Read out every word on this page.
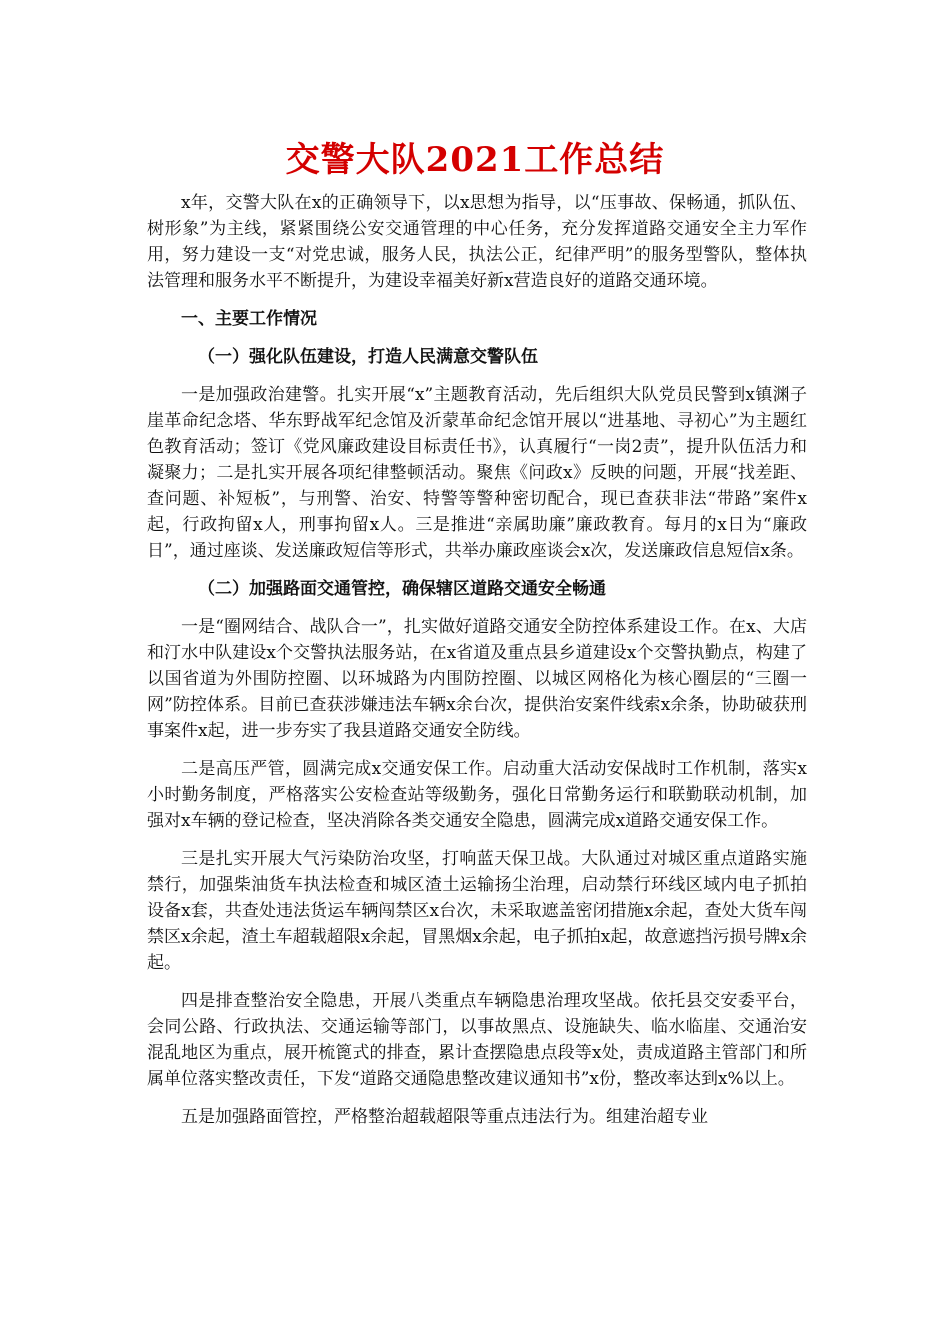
交警大队2021工作总结

x年，交警大队在x的正确领导下，以x思想为指导，以“压事故、保畅通，抓队伍、树形象”为主线，紧紧围绕公安交通管理的中心任务，充分发挥道路交通安全主力军作用，努力建设一支“对党忠诚，服务人民，执法公正，纪律严明”的服务型警队，整体执法管理和服务水平不断提升，为建设幸福美好新x营造良好的道路交通环境。

一、主要工作情况

（一）强化队伍建设，打造人民满意交警队伍

一是加强政治建警。扎实开展“x”主题教育活动，先后组织大队党员民警到x镇渊子崖革命纪念塔、华东野战军纪念馆及沂蒙革命纪念馆开展以“进基地、寻初心”为主题红色教育活动；签订《党风廉政建设目标责任书》，认真履行“一岗2责”，提升队伍活力和凝聚力；二是扎实开展各项纪律整顿活动。聚焦《问政x》反映的问题，开展“找差距、查问题、补短板”，与刑警、治安、特警等警种密切配合，现已查获非法“带路”案件x起，行政拘留x人，刑事拘留x人。三是推进“亲属助廉”廉政教育。每月的x日为“廉政日”，通过座谈、发送廉政短信等形式，共举办廉政座谈会x次，发送廉政信息短信x条。

（二）加强路面交通管控，确保辖区道路交通安全畅通

一是“圈网结合、战队合一”，扎实做好道路交通安全防控体系建设工作。在x、大店和汀水中队建设x个交警执法服务站，在x省道及重点县乡道建设x个交警执勤点，构建了以国省道为外围防控圈、以环城路为内围防控圈、以城区网格化为核心圈层的“三圈一网”防控体系。目前已查获涉嫌违法车辆x余台次，提供治安案件线索x余条，协助破获刑事案件x起，进一步夯实了我县道路交通安全防线。

二是高压严管，圆满完成x交通安保工作。启动重大活动安保战时工作机制，落实x小时勤务制度，严格落实公安检查站等级勤务，强化日常勤务运行和联勤联动机制，加强对x车辆的登记检查，坚决消除各类交通安全隐患，圆满完成x道路交通安保工作。

三是扎实开展大气污染防治攻坚，打响蓝天保卫战。大队通过对城区重点道路实施禁行，加强柴油货车执法检查和城区渣土运输扬尘治理，启动禁行环线区域内电子抓拍设备x套，共查处违法货运车辆闯禁区x台次，未采取遮盖密闭措施x余起，查处大货车闯禁区x余起，渣土车超载超限x余起，冒黑烟x余起，电子抓拍x起，故意遮挡污损号牌x余起。

四是排查整治安全隐患，开展八类重点车辆隐患治理攻坚战。依托县交安委平台，会同公路、行政执法、交通运输等部门，以事故黑点、设施缺失、临水临崖、交通治安混乱地区为重点，展开梳篦式的排查，累计查摆隐患点段等x处，责成道路主管部门和所属单位落实整改责任，下发“道路交通隐患整改建议通知书”x份，整改率达到x%以上。

五是加强路面管控，严格整治超载超限等重点违法行为。组建治超专业
